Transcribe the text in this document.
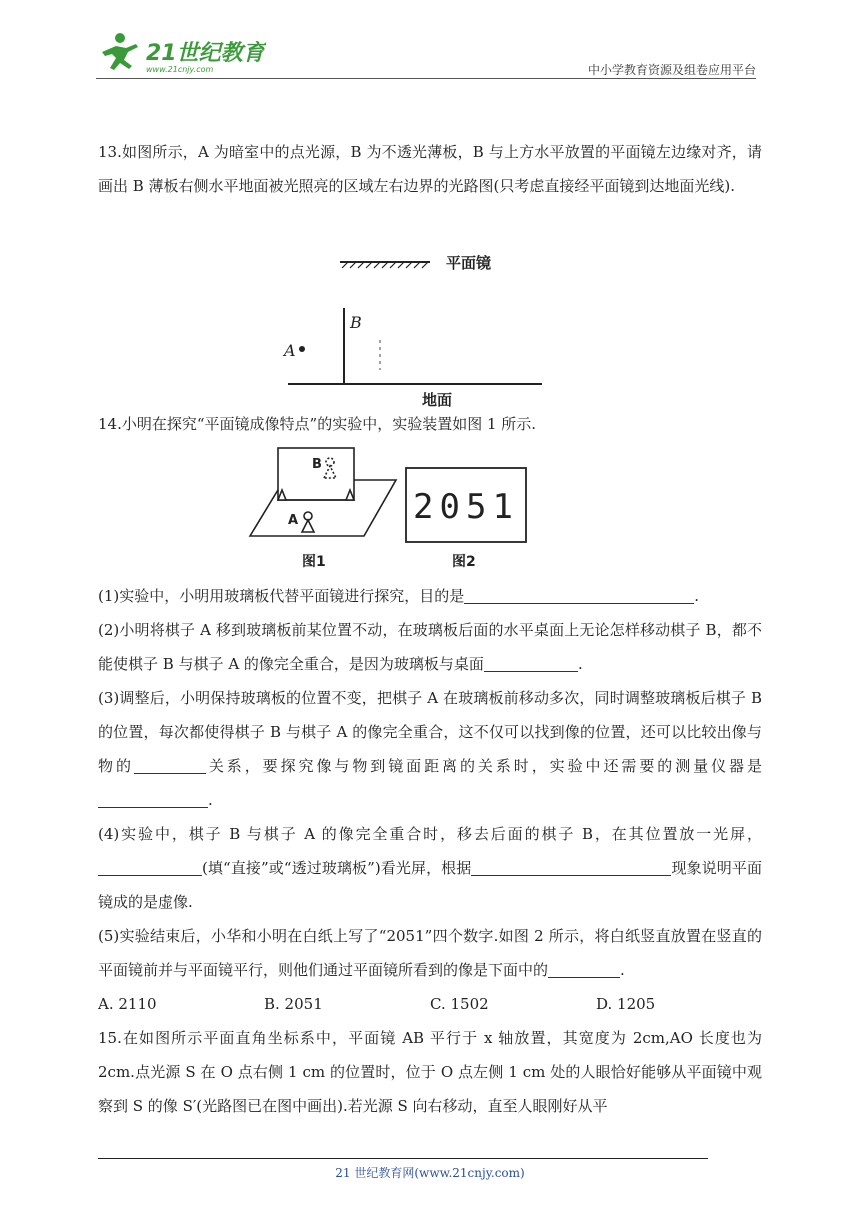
21世纪教育
www.21cnjy.com	中小学教育资源及组卷应用平台

13.如图所示，A 为暗室中的点光源，B 为不透光薄板，B 与上方水平放置的平面镜左边缘对齐，请画出 B 薄板右侧水平地面被光照亮的区域左右边界的光路图(只考虑直接经平面镜到达地面光线).

14.小明在探究“平面镜成像特点”的实验中，实验装置如图 1 所示.

(1)实验中，小明用玻璃板代替平面镜进行探究，目的是	.

(2)小明将棋子 A 移到玻璃板前某位置不动，在玻璃板后面的水平桌面上无论怎样移动棋子 B，都不能使棋子 B 与棋子 A 的像完全重合，是因为玻璃板与桌面	.

(3)调整后，小明保持玻璃板的位置不变，把棋子 A 在玻璃板前移动多次，同时调整玻璃板后棋子 B 的位置，每次都使得棋子 B 与棋子 A 的像完全重合，这不仅可以找到像的位置，还可以比较出像与物的	关系，要探究像与物到镜面距离的关系时，实验中还需要的测量仪器是.

(4)实验中，棋子 B 与棋子 A 的像完全重合时，移去后面的棋子 B，在其位置放一光屏，(填“直接”或“透过玻璃板”)看光屏，根据	现象说明平面镜成的是虚像.

(5)实验结束后，小华和小明在白纸上写了“2051”四个数字.如图 2 所示，将白纸竖直放置在竖直的平面镜前并与平面镜平行，则他们通过平面镜所看到的像是下面中的	.

A. 2110	B. 2051	C. 1502	D. 1205

15.在如图所示平面直角坐标系中，平面镜 AB 平行于 x 轴放置，其宽度为 2cm,AO 长度也为 2cm.点光源 S 在 O 点右侧 1 cm 的位置时，位于 O 点左侧 1 cm 处的人眼恰好能够从平面镜中观察到 S 的像 S′(光路图已在图中画出).若光源 S 向右移动，直至人眼刚好从平

平面镜
B
A
地面
B
A
图1
2051
图2
21 世纪教育网(www.21cnjy.com)
